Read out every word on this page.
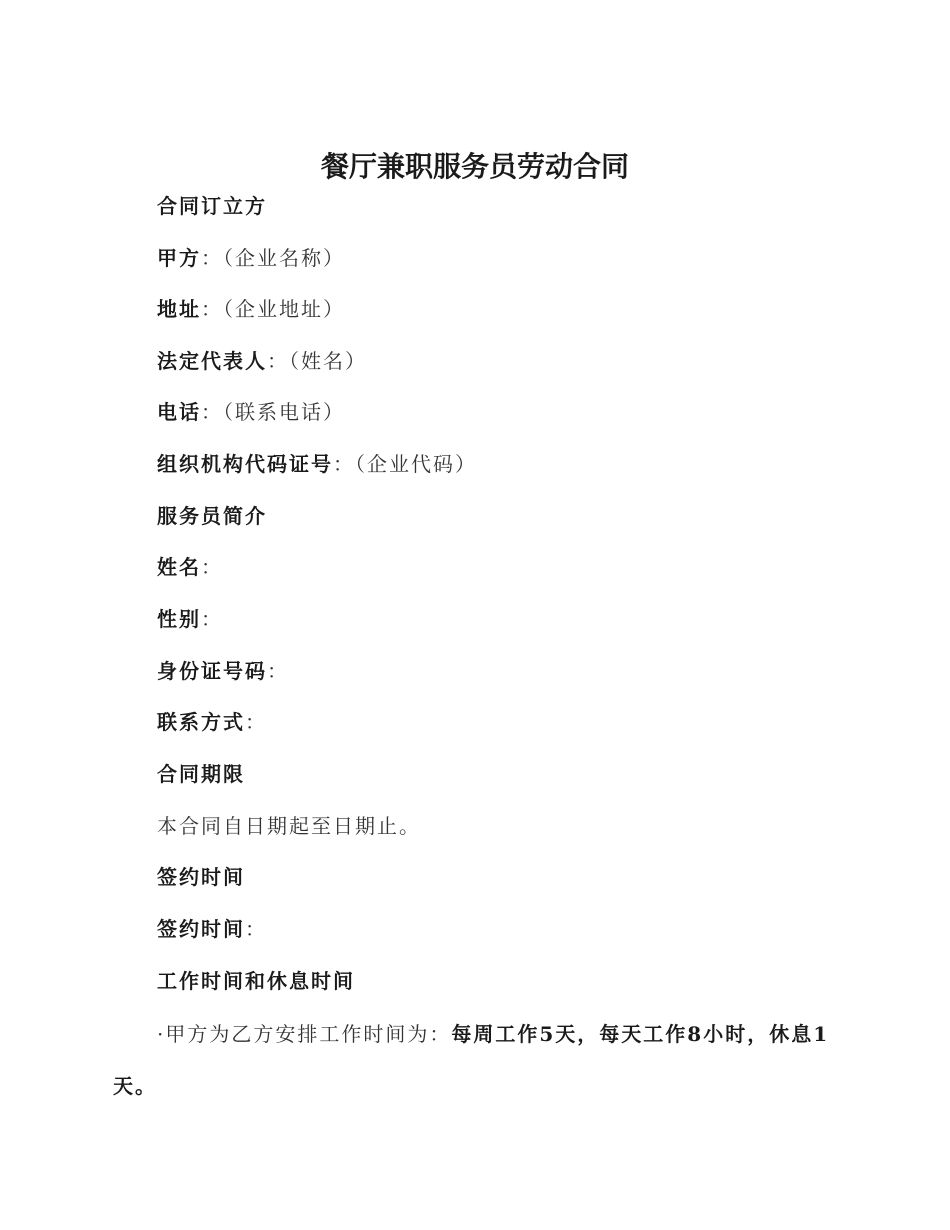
餐厅兼职服务员劳动合同
合同订立方
甲方：（企业名称）
地址：（企业地址）
法定代表人：（姓名）
电话：（联系电话）
组织机构代码证号：（企业代码）
服务员简介
姓名：
性别：
身份证号码：
联系方式：
合同期限
本合同自日期起至日期止。
签约时间
签约时间：
工作时间和休息时间
·甲方为乙方安排工作时间为：每周工作5天，每天工作8小时，休息1天。
